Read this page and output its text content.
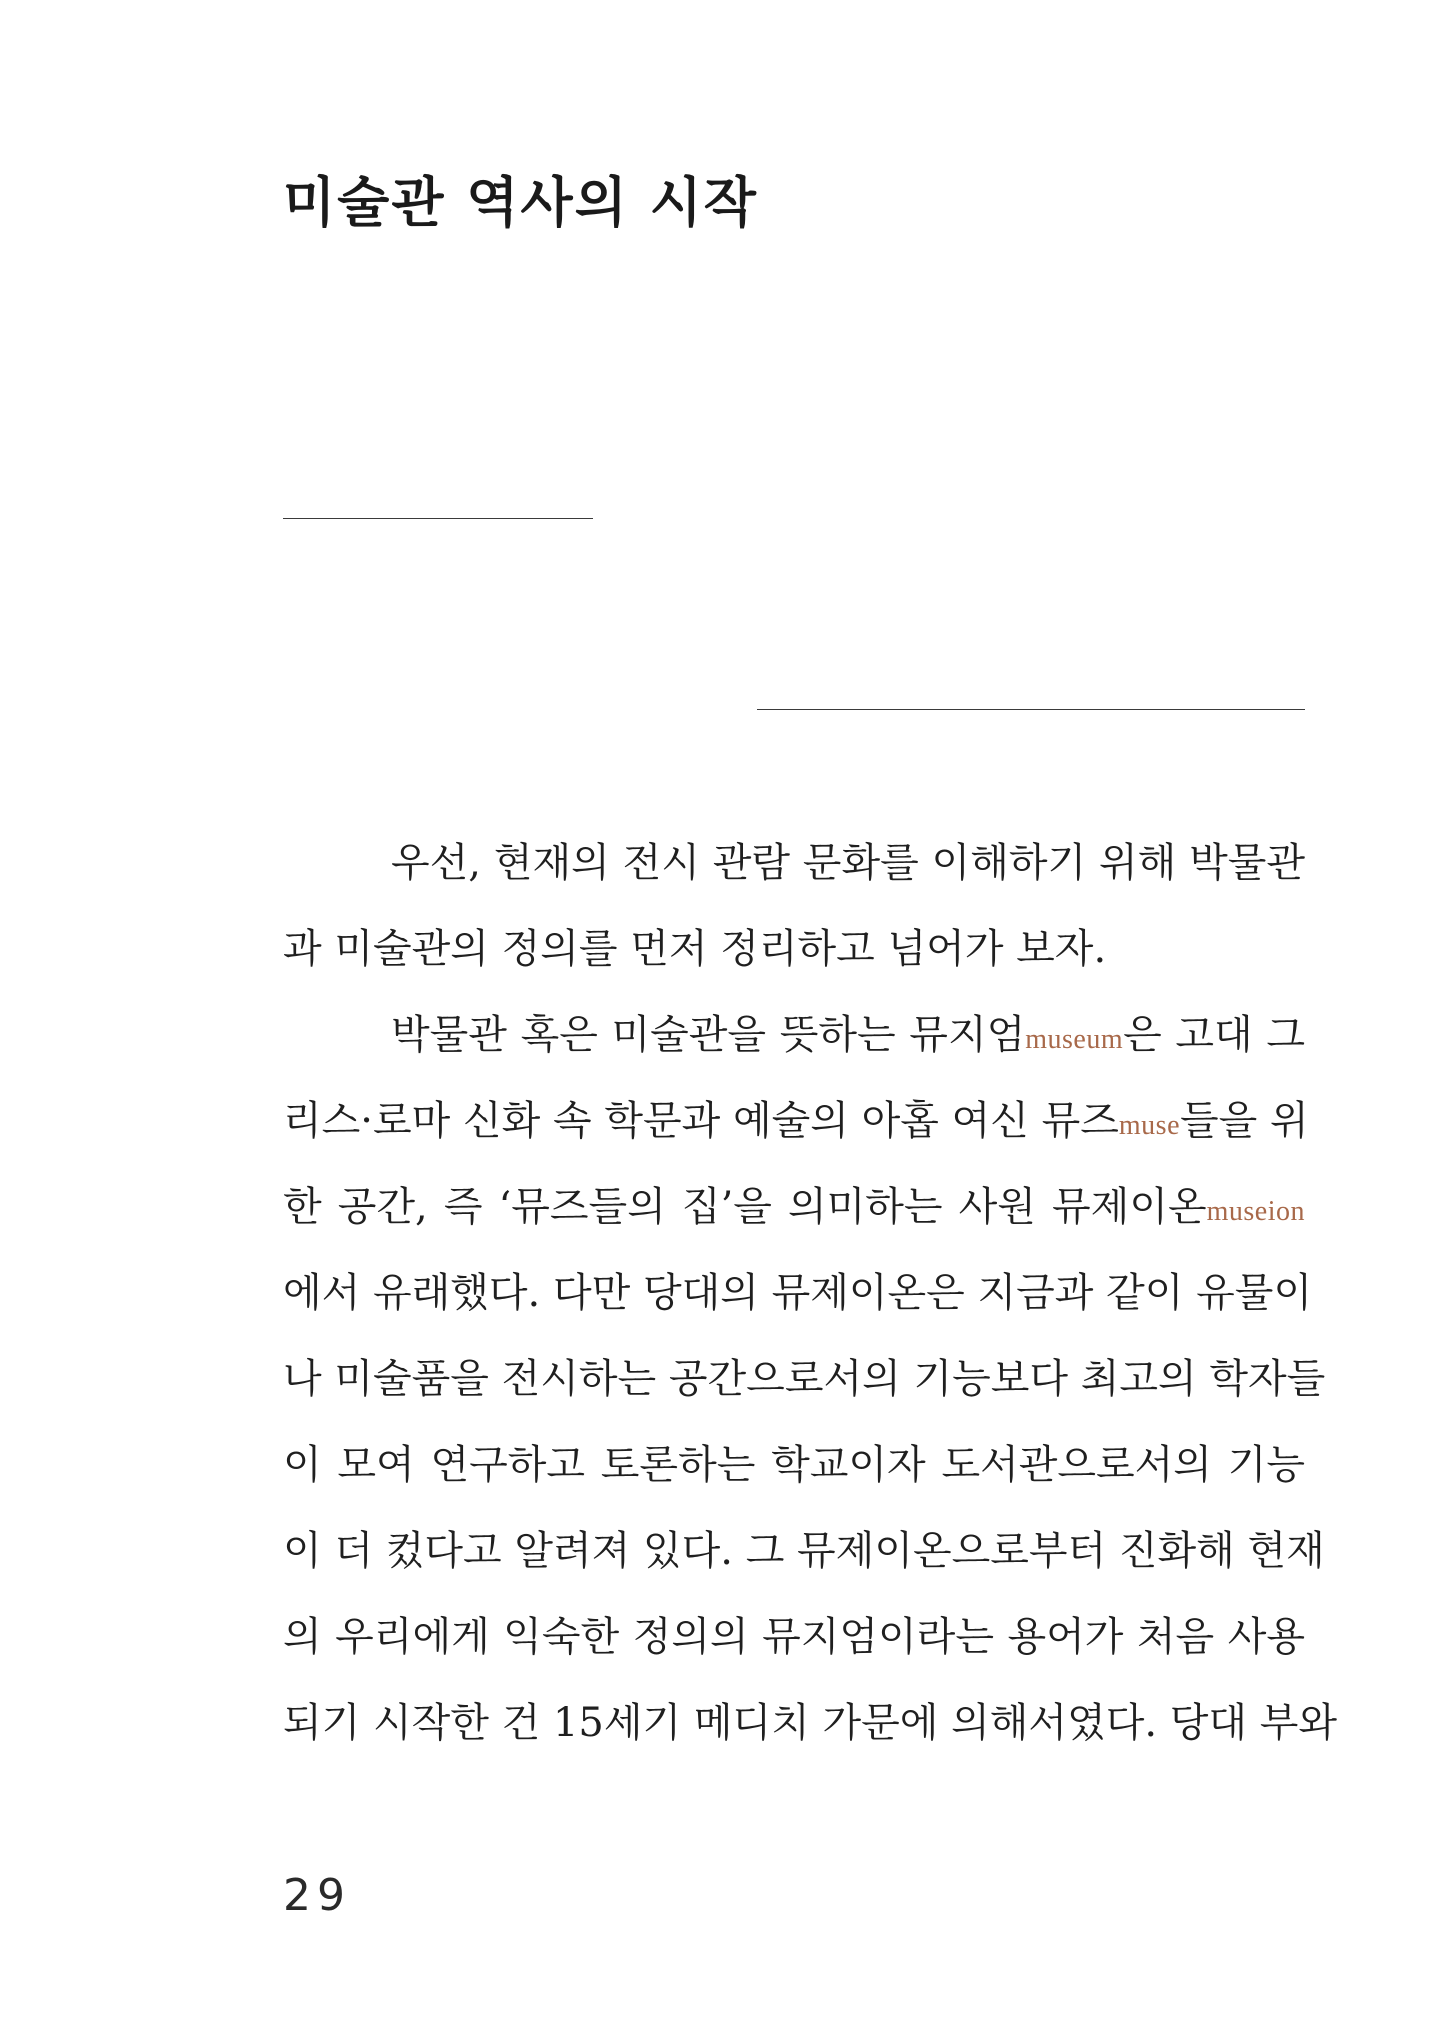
미술관 역사의 시작
우선, 현재의 전시 관람 문화를 이해하기 위해 박물관
과 미술관의 정의를 먼저 정리하고 넘어가 보자.
박물관 혹은 미술관을 뜻하는 뮤지엄museum은 고대 그
리스·로마 신화 속 학문과 예술의 아홉 여신 뮤즈muse들을 위
한 공간, 즉 ‘뮤즈들의 집’을 의미하는 사원 뮤제이온museion
에서 유래했다. 다만 당대의 뮤제이온은 지금과 같이 유물이
나 미술품을 전시하는 공간으로서의 기능보다 최고의 학자들
이 모여 연구하고 토론하는 학교이자 도서관으로서의 기능
이 더 컸다고 알려져 있다. 그 뮤제이온으로부터 진화해 현재
의 우리에게 익숙한 정의의 뮤지엄이라는 용어가 처음 사용
되기 시작한 건 15세기 메디치 가문에 의해서였다. 당대 부와
29
